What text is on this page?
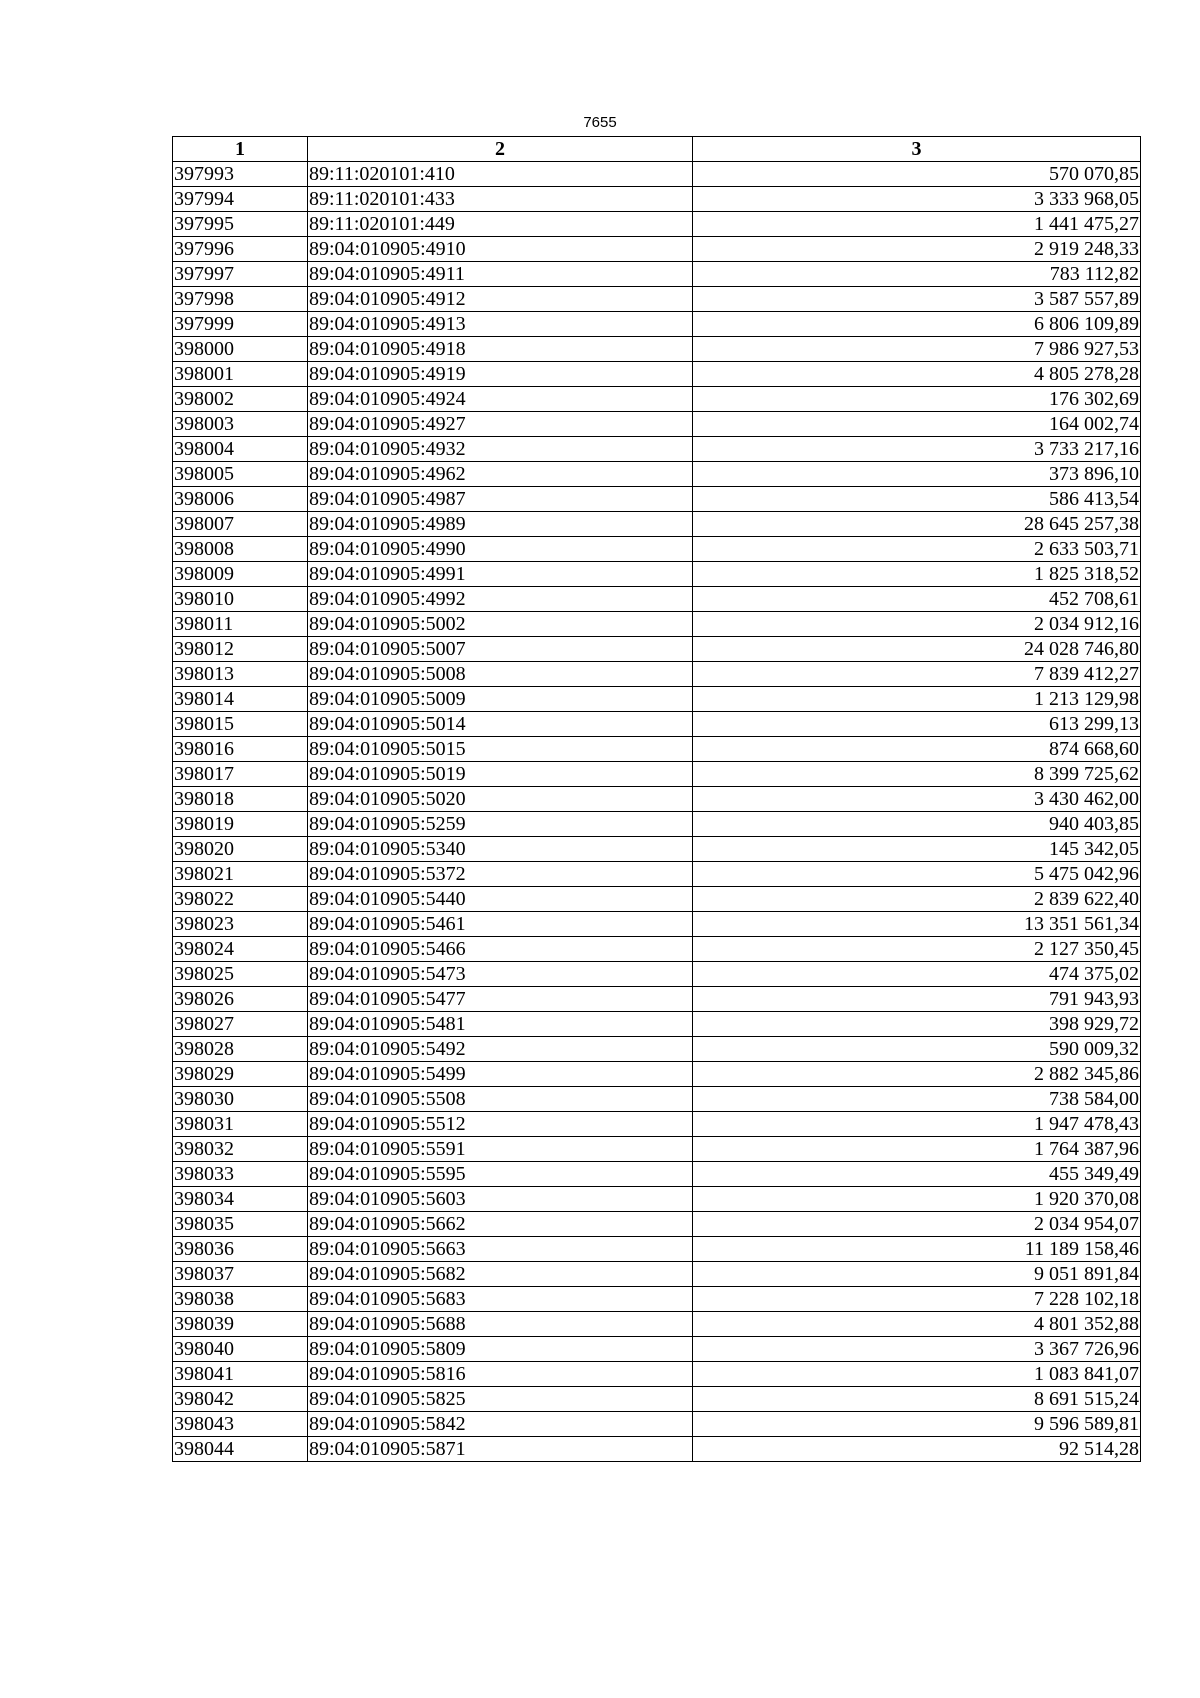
7655
1	2	3
397993	89:11:020101:410	570 070,85
397994	89:11:020101:433	3 333 968,05
397995	89:11:020101:449	1 441 475,27
397996	89:04:010905:4910	2 919 248,33
397997	89:04:010905:4911	783 112,82
397998	89:04:010905:4912	3 587 557,89
397999	89:04:010905:4913	6 806 109,89
398000	89:04:010905:4918	7 986 927,53
398001	89:04:010905:4919	4 805 278,28
398002	89:04:010905:4924	176 302,69
398003	89:04:010905:4927	164 002,74
398004	89:04:010905:4932	3 733 217,16
398005	89:04:010905:4962	373 896,10
398006	89:04:010905:4987	586 413,54
398007	89:04:010905:4989	28 645 257,38
398008	89:04:010905:4990	2 633 503,71
398009	89:04:010905:4991	1 825 318,52
398010	89:04:010905:4992	452 708,61
398011	89:04:010905:5002	2 034 912,16
398012	89:04:010905:5007	24 028 746,80
398013	89:04:010905:5008	7 839 412,27
398014	89:04:010905:5009	1 213 129,98
398015	89:04:010905:5014	613 299,13
398016	89:04:010905:5015	874 668,60
398017	89:04:010905:5019	8 399 725,62
398018	89:04:010905:5020	3 430 462,00
398019	89:04:010905:5259	940 403,85
398020	89:04:010905:5340	145 342,05
398021	89:04:010905:5372	5 475 042,96
398022	89:04:010905:5440	2 839 622,40
398023	89:04:010905:5461	13 351 561,34
398024	89:04:010905:5466	2 127 350,45
398025	89:04:010905:5473	474 375,02
398026	89:04:010905:5477	791 943,93
398027	89:04:010905:5481	398 929,72
398028	89:04:010905:5492	590 009,32
398029	89:04:010905:5499	2 882 345,86
398030	89:04:010905:5508	738 584,00
398031	89:04:010905:5512	1 947 478,43
398032	89:04:010905:5591	1 764 387,96
398033	89:04:010905:5595	455 349,49
398034	89:04:010905:5603	1 920 370,08
398035	89:04:010905:5662	2 034 954,07
398036	89:04:010905:5663	11 189 158,46
398037	89:04:010905:5682	9 051 891,84
398038	89:04:010905:5683	7 228 102,18
398039	89:04:010905:5688	4 801 352,88
398040	89:04:010905:5809	3 367 726,96
398041	89:04:010905:5816	1 083 841,07
398042	89:04:010905:5825	8 691 515,24
398043	89:04:010905:5842	9 596 589,81
398044	89:04:010905:5871	92 514,28
